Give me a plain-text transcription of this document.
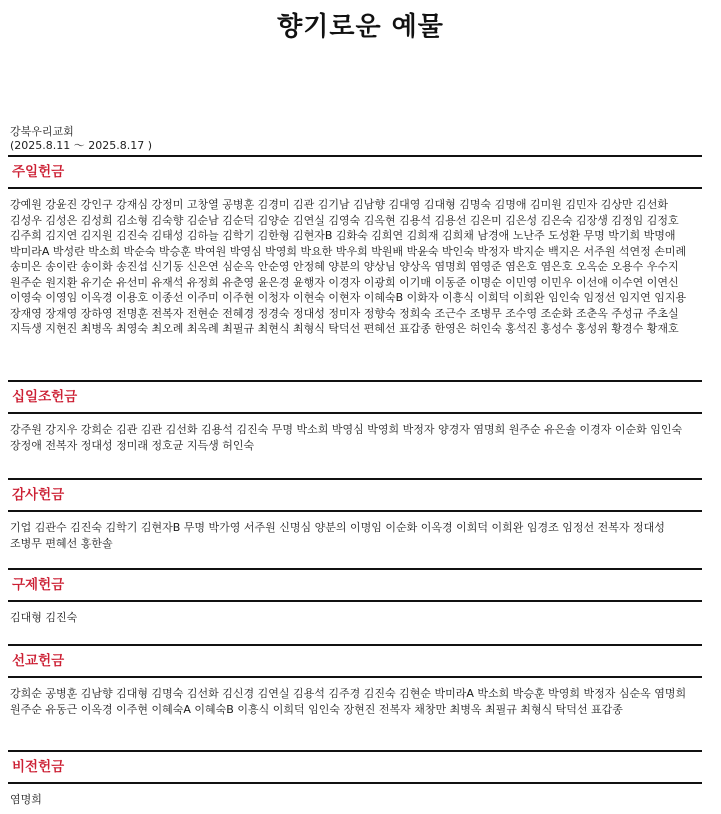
향기로운 예물
강북우리교회
(2025.8.11 ～ 2025.8.17 )
주일헌금
강예원 강윤진 강인구 강재심 강정미 고창열 공병훈 김경미 김관 김기남 김남향 김대영 김대형 김명숙 김명애 김미원 김민자 김상만 김선화 김성우 김성은 김성희 김소형 김숙향 김순남 김순덕 김양순 김연실 김영숙 김옥현 김용석 김용선 김은미 김은성 김은숙 김장생 김정임 김정호 김주희 김지연 김지원 김진숙 김태성 김하늘 김학기 김한형 김현자B 김화숙 김희연 김희재 김희채 남경애 노난주 도성환 무명 박기희 박명애 박미라A 박성란 박소희 박순숙 박승훈 박여원 박영심 박영희 박요한 박우희 박원배 박윤숙 박인숙 박정자 박지순 백지은 서주원 석연정 손미례 송미은 송이란 송이화 송진섭 신기동 신은연 심순옥 안순영 안정혜 양분의 양상님 양상옥 염명희 염영준 염은호 염은호 오옥순 오용수 우수지 원주순 원지환 유기순 유선미 유재석 유정희 유춘영 윤은경 윤행자 이경자 이광희 이기매 이동준 이명순 이민영 이민우 이선애 이수연 이연신 이영숙 이영임 이옥경 이용호 이종선 이주미 이주현 이청자 이현숙 이현자 이혜숙B 이화자 이흥식 이희덕 이희완 임인숙 임정선 임지연 임지용 장재영 장재영 장하영 전명훈 전복자 전현순 전혜경 정경숙 정대성 정미자 정향숙 정희숙 조근수 조병무 조수영 조순화 조춘옥 주성규 주초실 지득생 지현진 최병옥 최영숙 최오례 최옥례 최필규 최현식 최형식 탁덕선 편혜선 표갑종 한영은 허인숙 홍석진 홍성수 홍성위 황경수 황재호
십일조헌금
강주원 강지우 강희순 김관 김관 김선화 김용석 김진숙 무명 박소희 박영심 박영희 박정자 양경자 염명희 원주순 유은솔 이경자 이순화 임인숙 장정애 전복자 정대성 정미래 정호균 지득생 허인숙
감사헌금
기업 김관수 김진숙 김학기 김현자B 무명 박가영 서주원 신명심 양분의 이명임 이순화 이옥경 이희덕 이희완 임경조 임정선 전복자 정대성 조병무 편혜선 홍한솔
구제헌금
김대형 김진숙
선교헌금
강희순 공병훈 김남향 김대형 김명숙 김선화 김신경 김연실 김용석 김주경 김진숙 김현순 박미라A 박소희 박승훈 박영희 박정자 심순옥 염명희 원주순 유동근 이옥경 이주현 이혜숙A 이혜숙B 이흥식 이희덕 임인숙 장현진 전복자 채창만 최병옥 최필규 최형식 탁덕선 표갑종
비전헌금
염명희
